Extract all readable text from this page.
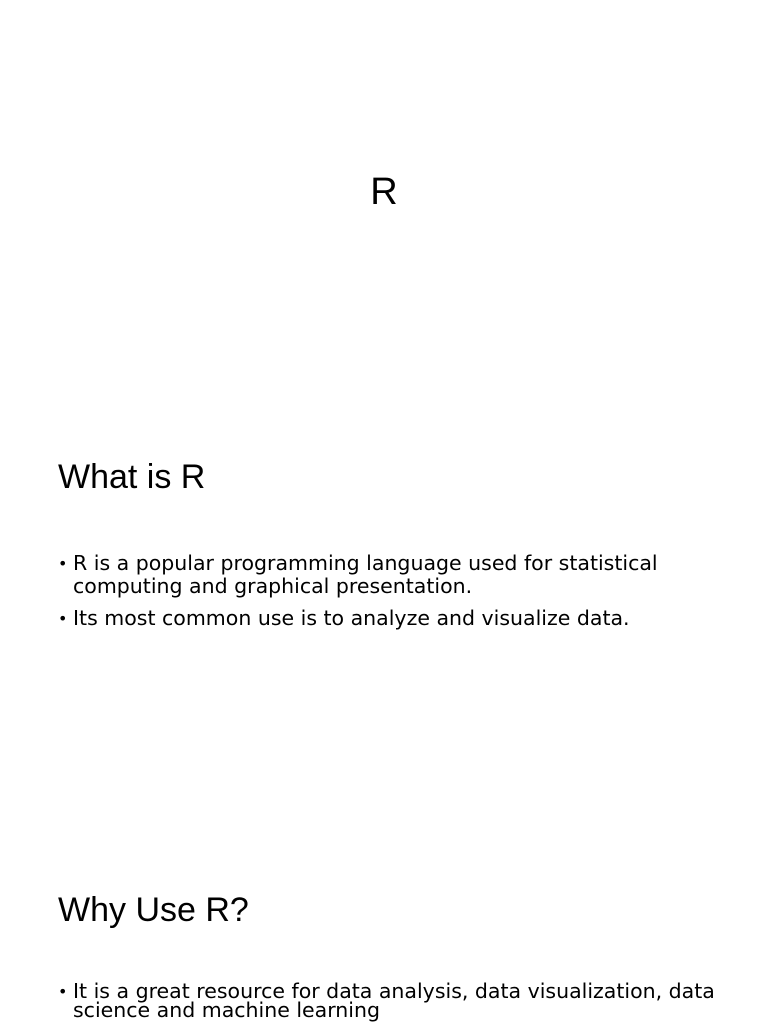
R
What is R
• R is a popular programming language used for statistical computing and graphical presentation.
• Its most common use is to analyze and visualize data.
Why Use R?
• It is a great resource for data analysis, data visualization, data science and machine learning
